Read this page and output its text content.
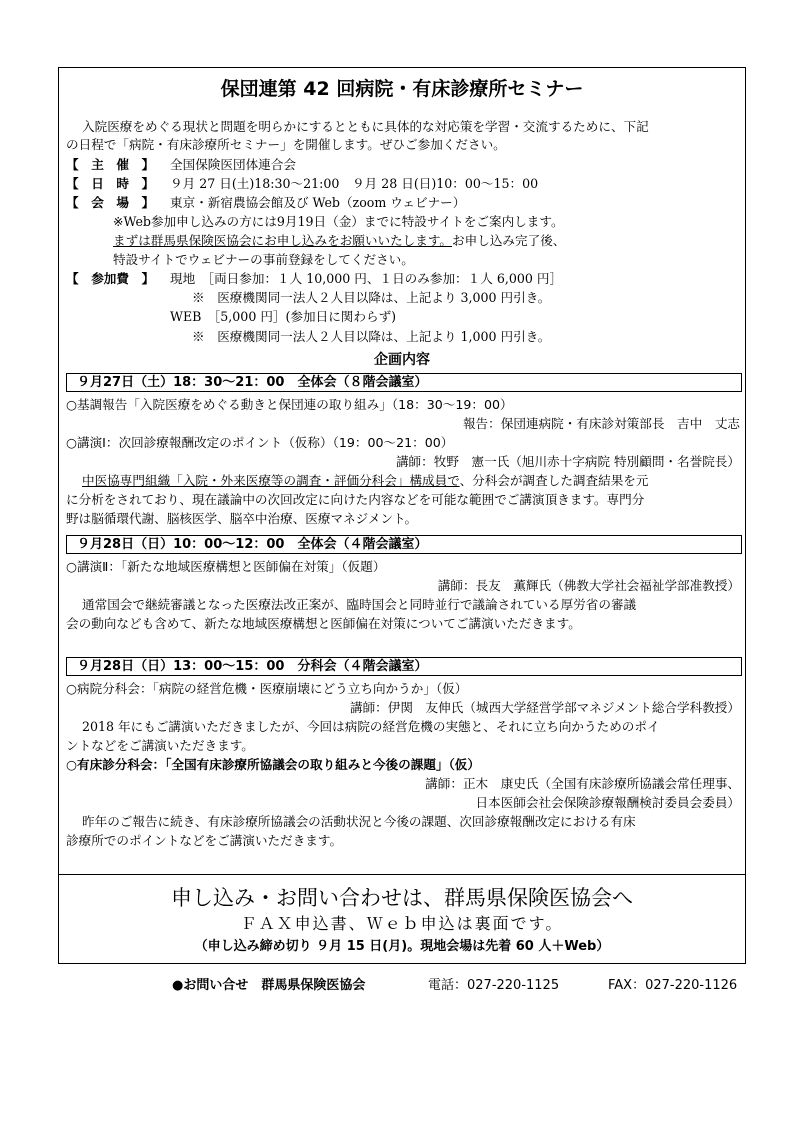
保団連第 42 回病院・有床診療所セミナー
入院医療をめぐる現状と問題を明らかにするとともに具体的な対応策を学習・交流するために、下記
の日程で「病院・有床診療所セミナー」を開催します。ぜひご参加ください。
【　主　催　】 全国保険医団体連合会
【　日　時　】 ９月 27 日(土)18:30～21:00　９月 28 日(日)10：00～15：00
【　会　場　】 東京・新宿農協会館及び Web（zoom ウェビナー）
※Web参加申し込みの方には9月19日（金）までに特設サイトをご案内します。
まずは群馬県保険医協会にお申し込みをお願いいたします。お申し込み完了後、
特設サイトでウェビナーの事前登録をしてください。
【　参加費　】 現地　［両日参加：１人 10,000 円、１日のみ参加：１人 6,000 円］
※　医療機関同一法人２人目以降は、上記より 3,000 円引き。
WEB　［5,000 円］(参加日に関わらず)
※　医療機関同一法人２人目以降は、上記より 1,000 円引き。
企画内容
９月27日（土）18：30～21：00　全体会（８階会議室）
○基調報告「入院医療をめぐる動きと保団連の取り組み」（18：30～19：00）
報告：保団連病院・有床診対策部長　吉中　丈志
○講演Ⅰ：次回診療報酬改定のポイント（仮称）（19：00～21：00）
講師：牧野　憲一氏（旭川赤十字病院 特別顧問・名誉院長）
中医協専門組織「入院・外来医療等の調査・評価分科会」構成員で、分科会が調査した調査結果を元
に分析をされており、現在議論中の次回改定に向けた内容などを可能な範囲でご講演頂きます。専門分
野は脳循環代謝、脳核医学、脳卒中治療、医療マネジメント。
９月28日（日）10：00～12：00　全体会（４階会議室）
○講演Ⅱ：「新たな地域医療構想と医師偏在対策」（仮題）
講師：長友　薫輝氏（佛教大学社会福祉学部准教授）
通常国会で継続審議となった医療法改正案が、臨時国会と同時並行で議論されている厚労省の審議
会の動向なども含めて、新たな地域医療構想と医師偏在対策についてご講演いただきます。
９月28日（日）13：00～15：00　分科会（４階会議室）
○病院分科会：「病院の経営危機・医療崩壊にどう立ち向かうか」（仮）
講師：伊関　友伸氏（城西大学経営学部マネジメント総合学科教授）
2018 年にもご講演いただきましたが、今回は病院の経営危機の実態と、それに立ち向かうためのポイ
ントなどをご講演いただきます。
○有床診分科会：「全国有床診療所協議会の取り組みと今後の課題」（仮）
講師：正木　康史氏（全国有床診療所協議会常任理事、
日本医師会社会保険診療報酬検討委員会委員）
昨年のご報告に続き、有床診療所協議会の活動状況と今後の課題、次回診療報酬改定における有床
診療所でのポイントなどをご講演いただきます。
申し込み・お問い合わせは、群馬県保険医協会へ
ＦＡＸ申込書、Ｗｅｂ申込は裏面です。
（申し込み締め切り ９月 15 日(月)。現地会場は先着 60 人＋Web）
●お問い合せ　群馬県保険医協会	電話：027-220-1125	FAX：027-220-1126
